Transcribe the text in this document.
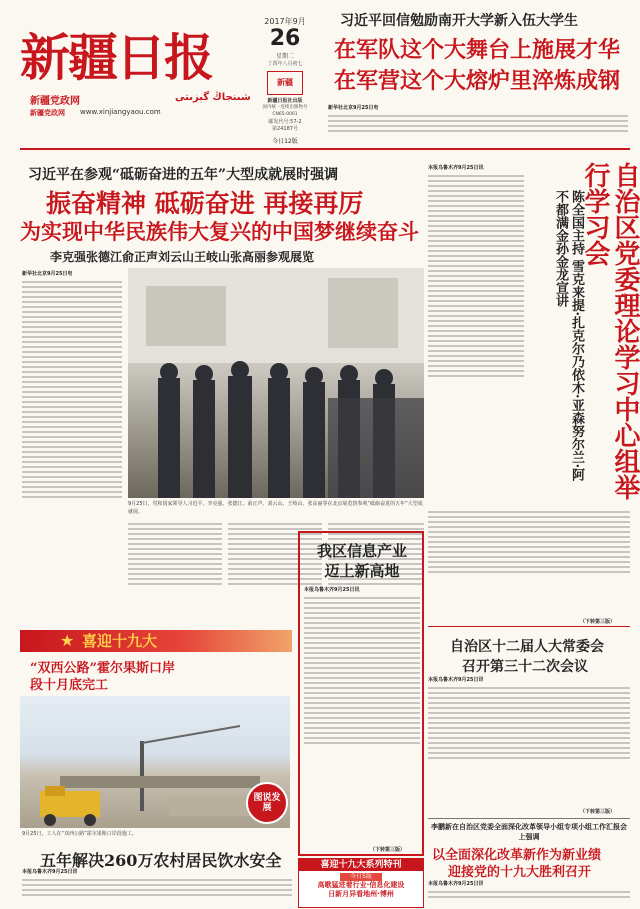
新疆日报
新疆党政网	شىنجاڭ گېزىتى
新疆党政网 www.xinjiangyaou.com
2017年9月
26
星期二
丁酉年八月初七
新疆
新疆日报社出版
国内统一连续出版物号 CN65-0001
邮发代号:57-2
第24187号
今日12版
习近平回信勉励南开大学新入伍大学生
在军队这个大舞台上施展才华
在军营这个大熔炉里淬炼成钢
新华社北京9月25日电
习近平在参观“砥砺奋进的五年”大型成就展时强调
振奋精神 砥砺奋进 再接再厉
为实现中华民族伟大复兴的中国梦继续奋斗
李克强张德江俞正声刘云山王岐山张高丽参观展览
新华社北京9月25日电
9月25日，党和国家领导人习近平、李克强、张德江、俞正声、刘云山、王岐山、张高丽等在北京展览馆参观“砥砺奋进的五年”大型成就展。
自治区党委理论学习中心组举行学习会
陈全国主持 雪克来提·扎克尔乃依木·亚森努尔兰·阿不都满金孙金龙宣讲
本报乌鲁木齐9月25日讯
（下转第三版）
★ 喜迎十九大
“双西公路”霍尔果斯口岸段十月底完工
图说发展
9月25日，工人在“双西公路”霍尔果斯口岸段施工。
五年解决260万农村居民饮水安全
本报乌鲁木齐9月25日讯
我区信息产业
迈上新高地
本报乌鲁木齐9月25日讯
（下转第三版）
喜迎十九大系列特刊
今日5版
高歌猛进着行业·信息化建设
日新月异看地州·博州
自治区十二届人大常委会
召开第三十二次会议
本报乌鲁木齐9月25日讯
（下转第三版）
李鹏新在自治区党委全面深化改革领导小组专项小组工作汇报会上强调
以全面深化改革新作为新业绩
迎接党的十九大胜利召开
本报乌鲁木齐9月25日讯
